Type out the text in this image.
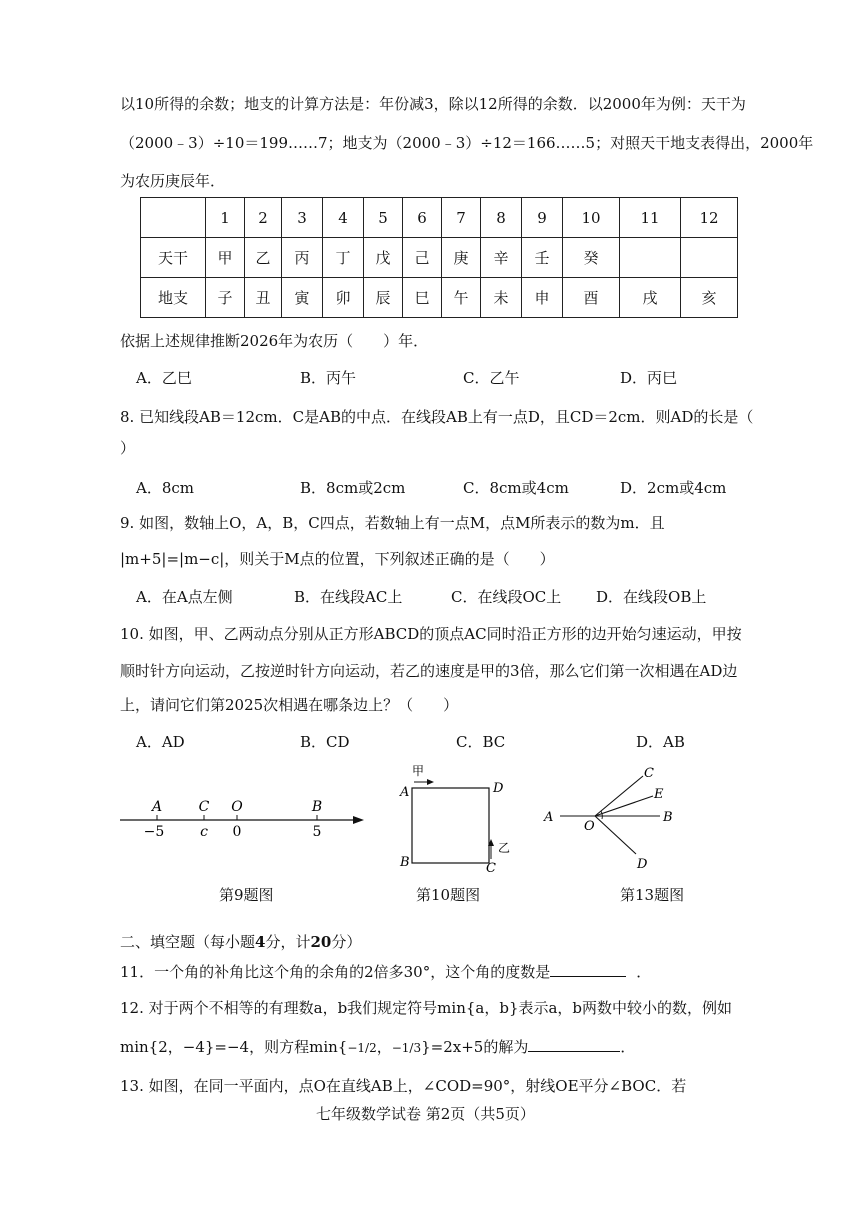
以10所得的余数；地支的计算方法是：年份减3，除以12所得的余数．以2000年为例：天干为
（2000﹣3）÷10＝199……7；地支为（2000﹣3）÷12＝166……5；对照天干地支表得出，2000年
为农历庚辰年．
	1	2	3	4	5	6	7	8	9	10	11	12
天干	甲	乙	丙	丁	戊	己	庚	辛	壬	癸		
地支	子	丑	寅	卯	辰	巳	午	未	申	酉	戌	亥
依据上述规律推断2026年为农历（　　）年．
A．乙巳	B．丙午	C．乙午	D．丙巳
8. 已知线段AB＝12cm．C是AB的中点．在线段AB上有一点D，且CD＝2cm．则AD的长是（
）
A．8cm	B．8cm或2cm	C．8cm或4cm	D．2cm或4cm
9. 如图，数轴上O，A，B，C四点，若数轴上有一点M，点M所表示的数为m．且
|m+5|=|m−c|，则关于M点的位置，下列叙述正确的是（　　）
A．在A点左侧	B．在线段AC上	C．在线段OC上 D．在线段OB上
10. 如图，甲、乙两动点分别从正方形ABCD的顶点AC同时沿正方形的边开始匀速运动，甲按
顺时针方向运动，乙按逆时针方向运动，若乙的速度是甲的3倍，那么它们第一次相遇在AD边
上，请问它们第2025次相遇在哪条边上？（　　）
A．AD	B．CD	C．BC	D．AB
A	C O	B
−5	c 0	5
A	D
B	C
甲
乙
A
O
B
C
E
D
第9题图	第10题图	第13题图
二、填空题（每小题4分，计20分）
11．一个角的补角比这个角的余角的2倍多30°，这个角的度数是	．
12. 对于两个不相等的有理数a，b我们规定符号min{a，b}表示a，b两数中较小的数，例如
min{2，−4}=−4，则方程min{−1/2，−1/3}=2x+5的解为	．
13. 如图，在同一平面内，点O在直线AB上，∠COD=90°，射线OE平分∠BOC．若
七年级数学试卷 第2页（共5页）
